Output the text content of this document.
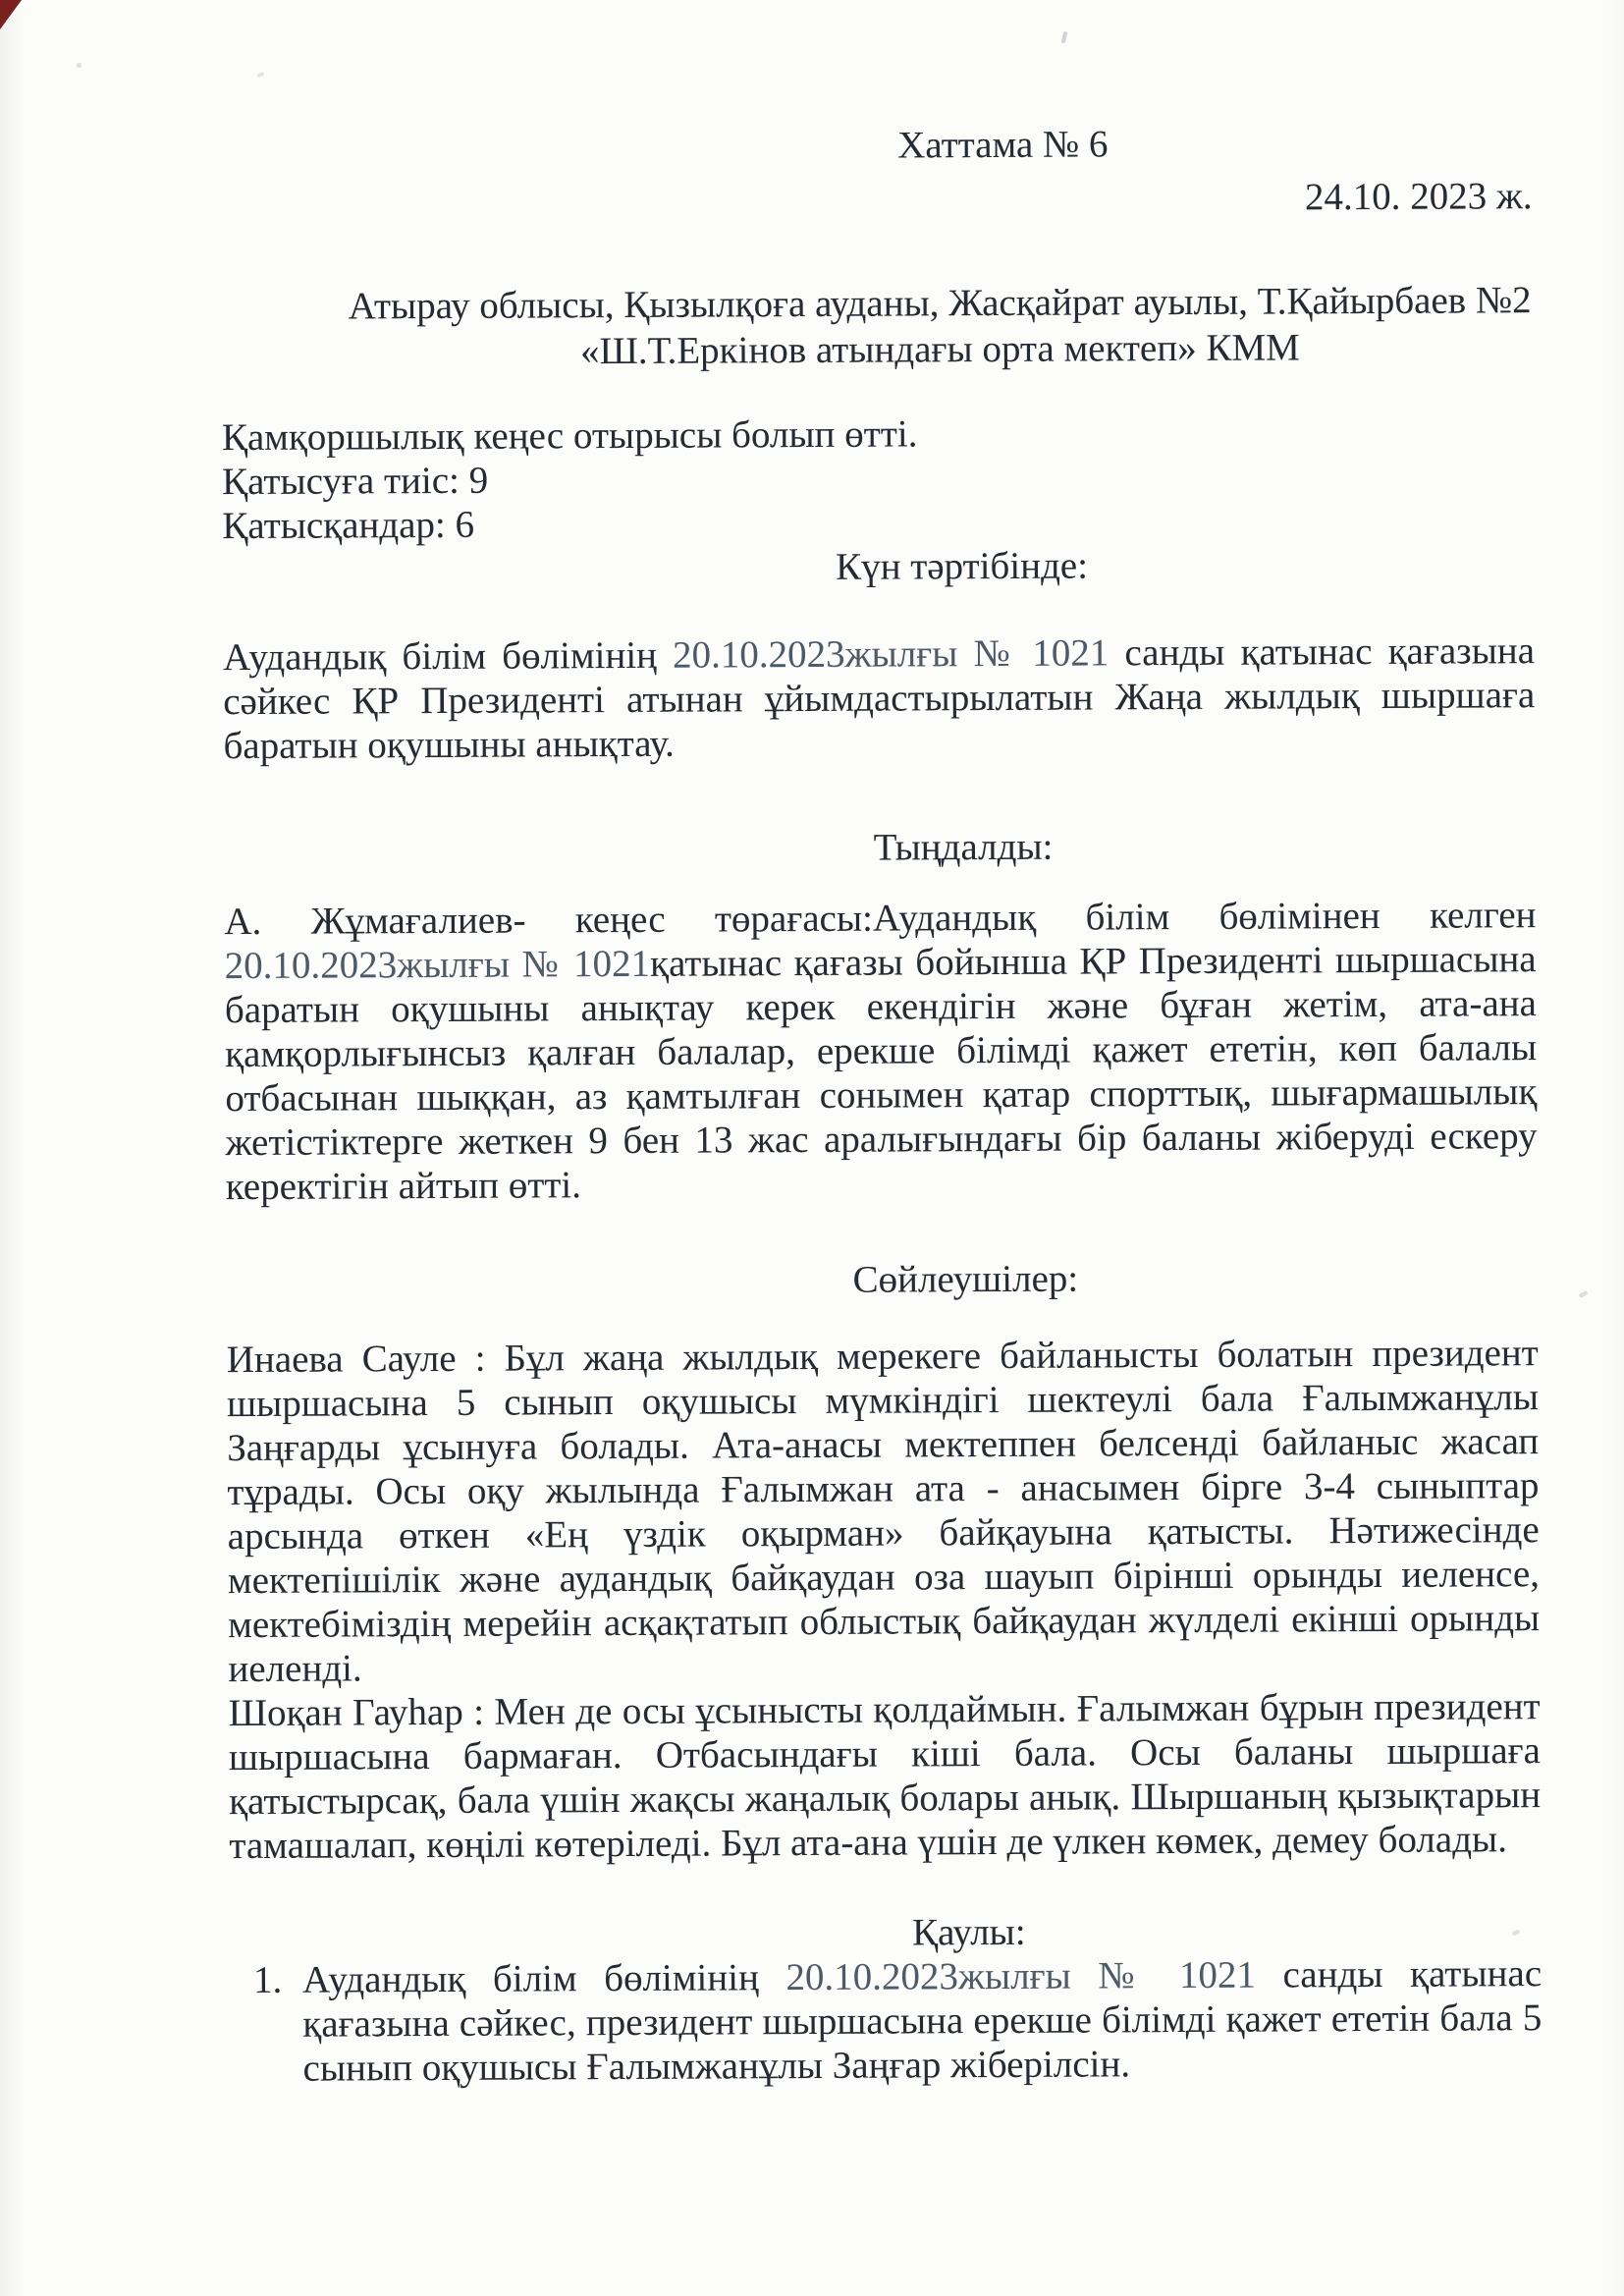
Хаттама № 6
24.10. 2023 ж.
Атырау облысы, Қызылқоға ауданы, Жасқайрат ауылы, Т.Қайырбаев №2
«Ш.Т.Еркінов атындағы орта мектеп» КММ
Қамқоршылық кеңес отырысы болып өтті.
Қатысуға тиіс: 9
Қатысқандар: 6
Күн тәртібінде:

Аудандық білім бөлімінің 20.10.2023жылғы № 1021 санды қатынас қағазына сәйкес ҚР Президенті атынан ұйымдастырылатын Жаңа жылдық шыршаға баратын оқушыны анықтау.

Тыңдалды:

А. Жұмағалиев- кеңес төрағасы:Аудандық білім бөлімінен келген 20.10.2023жылғы № 1021қатынас қағазы бойынша ҚР Президенті шыршасына баратын оқушыны анықтау керек екендігін және бұған жетім, ата-ана қамқорлығынсыз қалған балалар, ерекше білімді қажет ететін, көп балалы отбасынан шыққан, аз қамтылған сонымен қатар спорттық, шығармашылық жетістіктерге жеткен 9 бен 13 жас аралығындағы бір баланы жіберуді ескеру керектігін айтып өтті.

Сөйлеушілер:

Инаева Сауле : Бұл жаңа жылдық мерекеге байланысты болатын президент шыршасына 5 сынып оқушысы мүмкіндігі шектеулі бала Ғалымжанұлы Заңғарды ұсынуға болады. Ата-анасы мектеппен белсенді байланыс жасап тұрады. Осы оқу жылында Ғалымжан ата - анасымен бірге 3-4 сыныптар арсында өткен «Ең үздік оқырман» байқауына қатысты. Нәтижесінде мектепішілік және аудандық байқаудан оза шауып бірінші орынды иеленсе, мектебіміздің мерейін асқақтатып облыстық байқаудан жүлделі екінші орынды иеленді.

Шоқан Гауһар : Мен де осы ұсынысты қолдаймын. Ғалымжан бұрын президент шыршасына бармаған. Отбасындағы кіші бала. Осы баланы шыршаға қатыстырсақ, бала үшін жақсы жаңалық болары анық. Шыршаның қызықтарын тамашалап, көңілі көтеріледі. Бұл ата-ана үшін де үлкен көмек, демеу болады.

Қаулы:
1. Аудандық білім бөлімінің 20.10.2023жылғы № 1021 санды қатынас қағазына сәйкес, президент шыршасына ерекше білімді қажет ететін бала 5 сынып оқушысы Ғалымжанұлы Заңғар жіберілсін.
